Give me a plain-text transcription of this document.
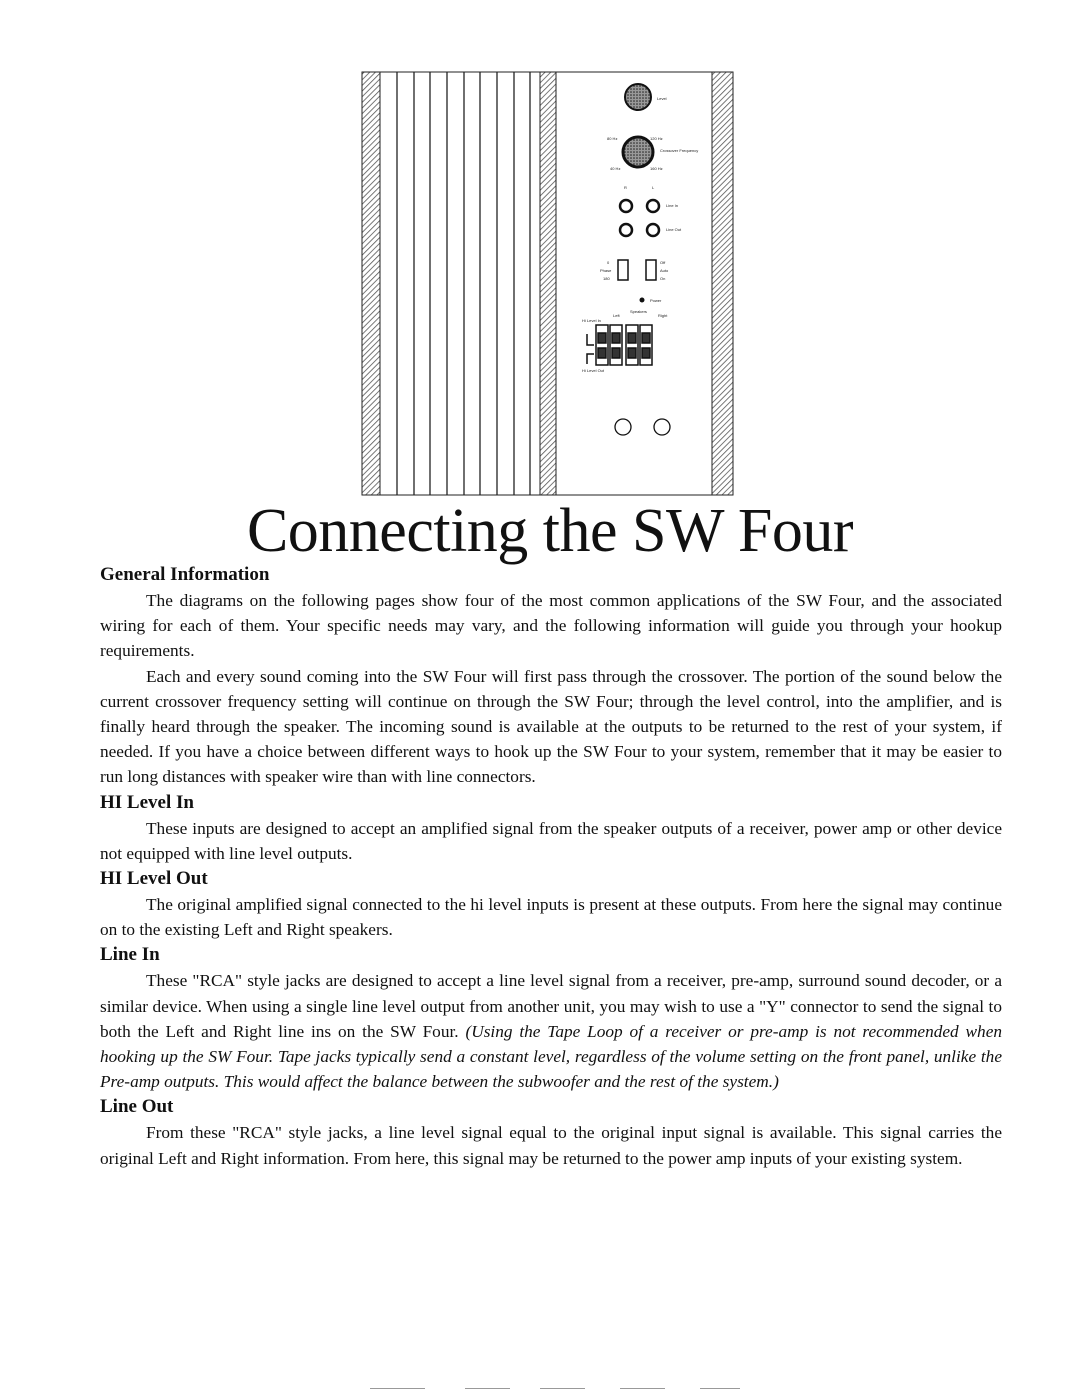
Level
80 Hz	120 Hz
Crossover Frequency
40 Hz	160 Hz
R	L
Line In
Line Out
0
Phase
180
Off
Auto
On
Power
Hi Level In
Left
Speakers
Right
Hi Level Out
Connecting the SW Four
General Information

The diagrams on the following pages show four of the most common applications of the SW Four, and the associated wiring for each of them. Your specific needs may vary, and the following information will guide you through your hookup requirements.

Each and every sound coming into the SW Four will first pass through the crossover. The portion of the sound below the current crossover frequency setting will continue on through the SW Four; through the level control, into the amplifier, and is finally heard through the speaker. The incoming sound is available at the outputs to be returned to the rest of your system, if needed. If you have a choice between different ways to hook up the SW Four to your system, remember that it may be easier to run long distances with speaker wire than with line connectors.

HI Level In

These inputs are designed to accept an amplified signal from the speaker outputs of a receiver, power amp or other device not equipped with line level outputs.

HI Level Out

The original amplified signal connected to the hi level inputs is present at these outputs. From here the signal may continue on to the existing Left and Right speakers.

Line In

These "RCA" style jacks are designed to accept a line level signal from a receiver, pre-amp, surround sound decoder, or a similar device. When using a single line level output from another unit, you may wish to use a "Y" connector to send the signal to both the Left and Right line ins on the SW Four. (Using the Tape Loop of a receiver or pre-amp is not recommended when hooking up the SW Four. Tape jacks typically send a constant level, regardless of the volume setting on the front panel, unlike the Pre-amp outputs. This would affect the balance between the subwoofer and the rest of the system.)

Line Out

From these "RCA" style jacks, a line level signal equal to the original input signal is available. This signal carries the original Left and Right information. From here, this signal may be returned to the power amp inputs of your existing system.
